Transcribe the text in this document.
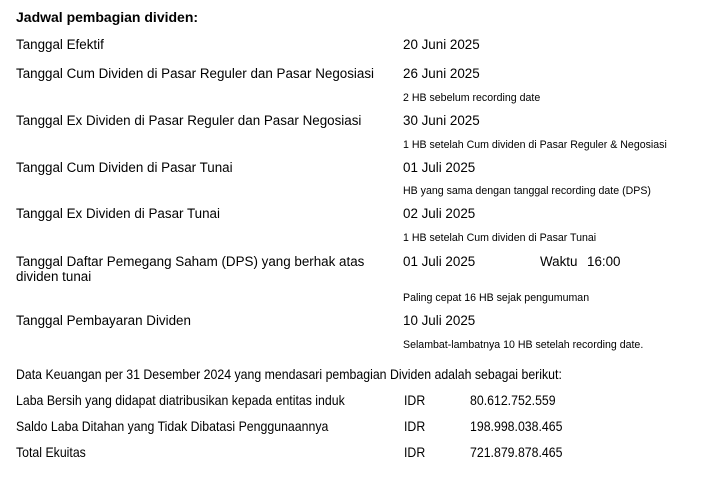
Jadwal pembagian dividen:
Tanggal Efektif	20 Juni 2025
Tanggal Cum Dividen di Pasar Reguler dan Pasar Negosiasi 26 Juni 2025
2 HB sebelum recording date
Tanggal Ex Dividen di Pasar Reguler dan Pasar Negosiasi	30 Juni 2025
1 HB setelah Cum dividen di Pasar Reguler & Negosiasi
Tanggal Cum Dividen di Pasar Tunai	01 Juli 2025
HB yang sama dengan tanggal recording date (DPS)
Tanggal Ex Dividen di Pasar Tunai	02 Juli 2025
1 HB setelah Cum dividen di Pasar Tunai
Tanggal Daftar Pemegang Saham (DPS) yang berhak atas
dividen tunai
01 Juli 2025	Waktu 16:00
Paling cepat 16 HB sejak pengumuman
Tanggal Pembayaran Dividen	10 Juli 2025
Selambat-lambatnya 10 HB setelah recording date.
Data Keuangan per 31 Desember 2024 yang mendasari pembagian Dividen adalah sebagai berikut:
Laba Bersih yang didapat diatribusikan kepada entitas induk	IDR	80.612.752.559
Saldo Laba Ditahan yang Tidak Dibatasi Penggunaannya	IDR	198.998.038.465
Total Ekuitas	IDR	721.879.878.465
